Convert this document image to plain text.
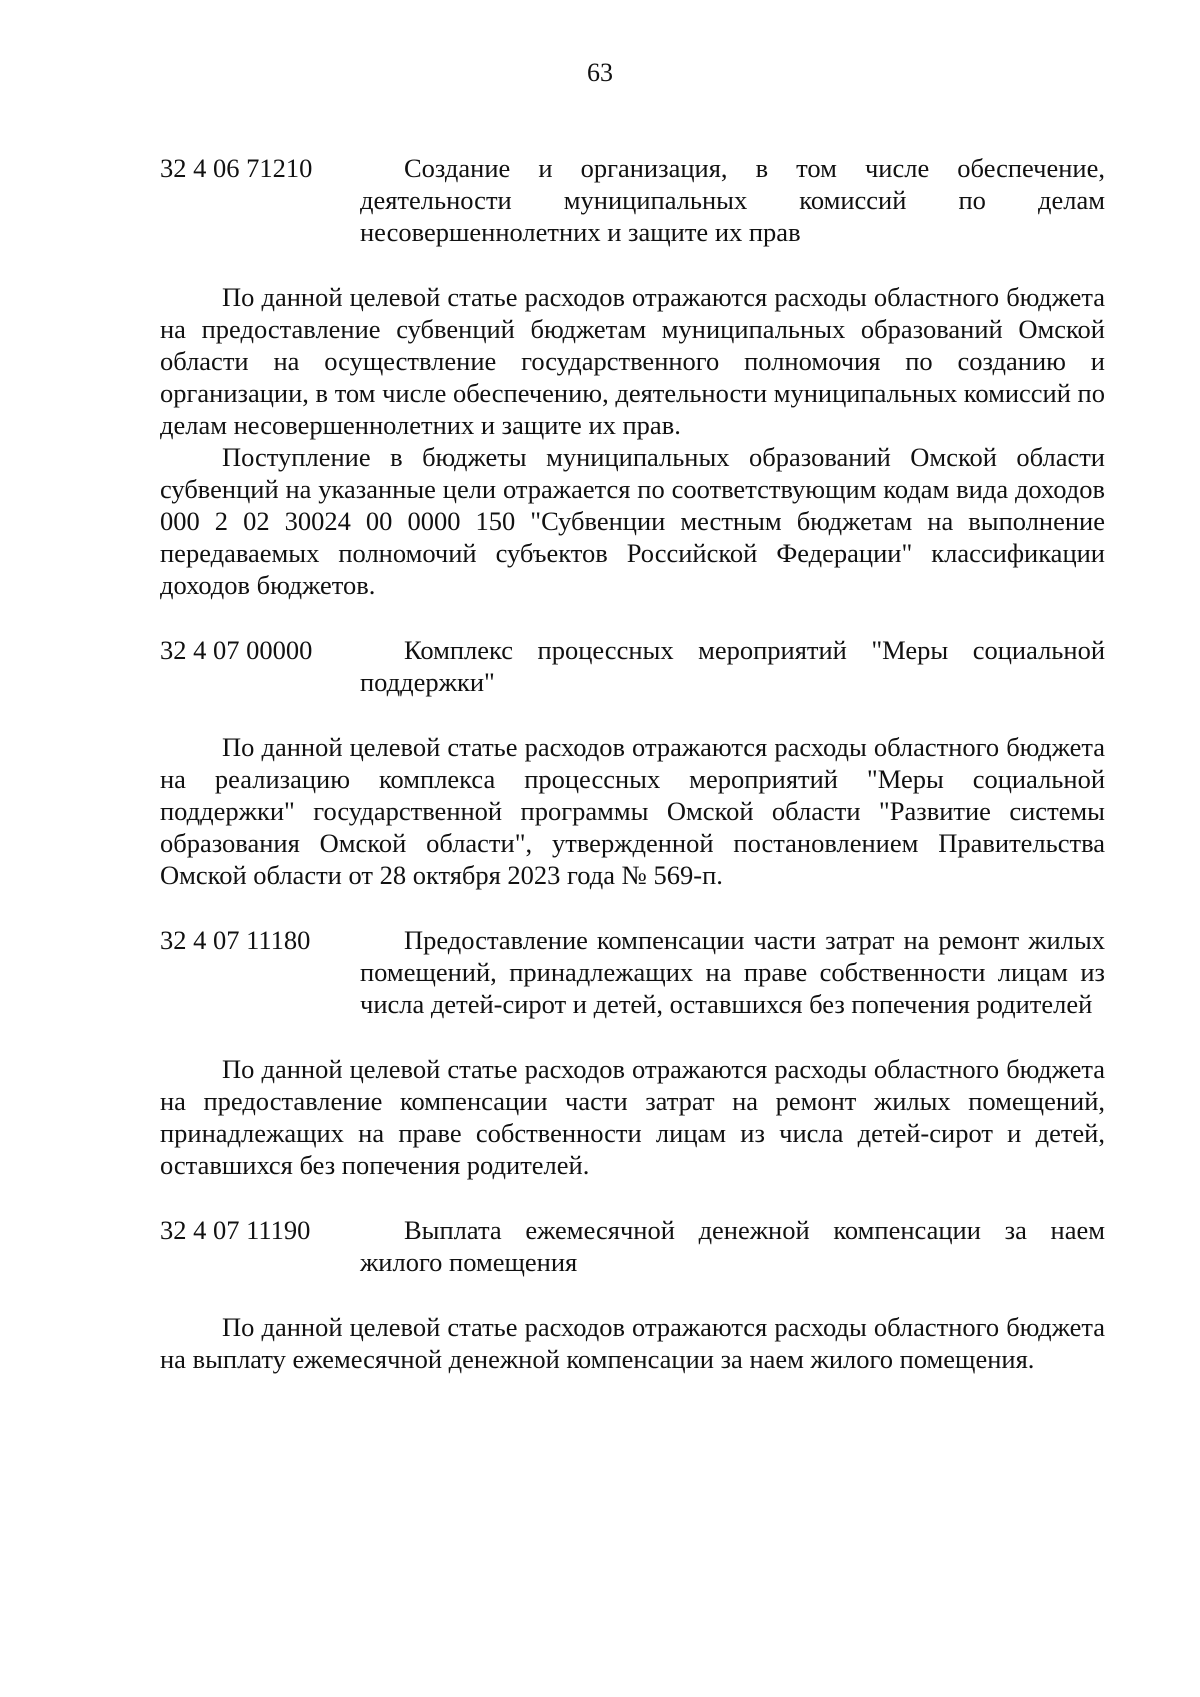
63
32 4 06 71210	Создание и организация, в том числе обеспечение, деятельности муниципальных комиссий по делам несовершеннолетних и защите их прав

По данной целевой статье расходов отражаются расходы областного бюджета на предоставление субвенций бюджетам муниципальных образований Омской области на осуществление государственного полномочия по созданию и организации, в том числе обеспечению, деятельности муниципальных комиссий по делам несовершеннолетних и защите их прав.

Поступление в бюджеты муниципальных образований Омской области субвенций на указанные цели отражается по соответствующим кодам вида доходов 000 2 02 30024 00 0000 150 "Субвенции местным бюджетам на выполнение передаваемых полномочий субъектов Российской Федерации" классификации доходов бюджетов.

32 4 07 00000	Комплекс процессных мероприятий "Меры социальной поддержки"

По данной целевой статье расходов отражаются расходы областного бюджета на реализацию комплекса процессных мероприятий "Меры социальной поддержки" государственной программы Омской области "Развитие системы образования Омской области", утвержденной постановлением Правительства Омской области от 28 октября 2023 года № 569-п.

32 4 07 11180	Предоставление компенсации части затрат на ремонт жилых помещений, принадлежащих на праве собственности лицам из числа детей-сирот и детей, оставшихся без попечения родителей

По данной целевой статье расходов отражаются расходы областного бюджета на предоставление компенсации части затрат на ремонт жилых помещений, принадлежащих на праве собственности лицам из числа детей-сирот и детей, оставшихся без попечения родителей.

32 4 07 11190	Выплата ежемесячной денежной компенсации за наем жилого помещения

По данной целевой статье расходов отражаются расходы областного бюджета на выплату ежемесячной денежной компенсации за наем жилого помещения.
